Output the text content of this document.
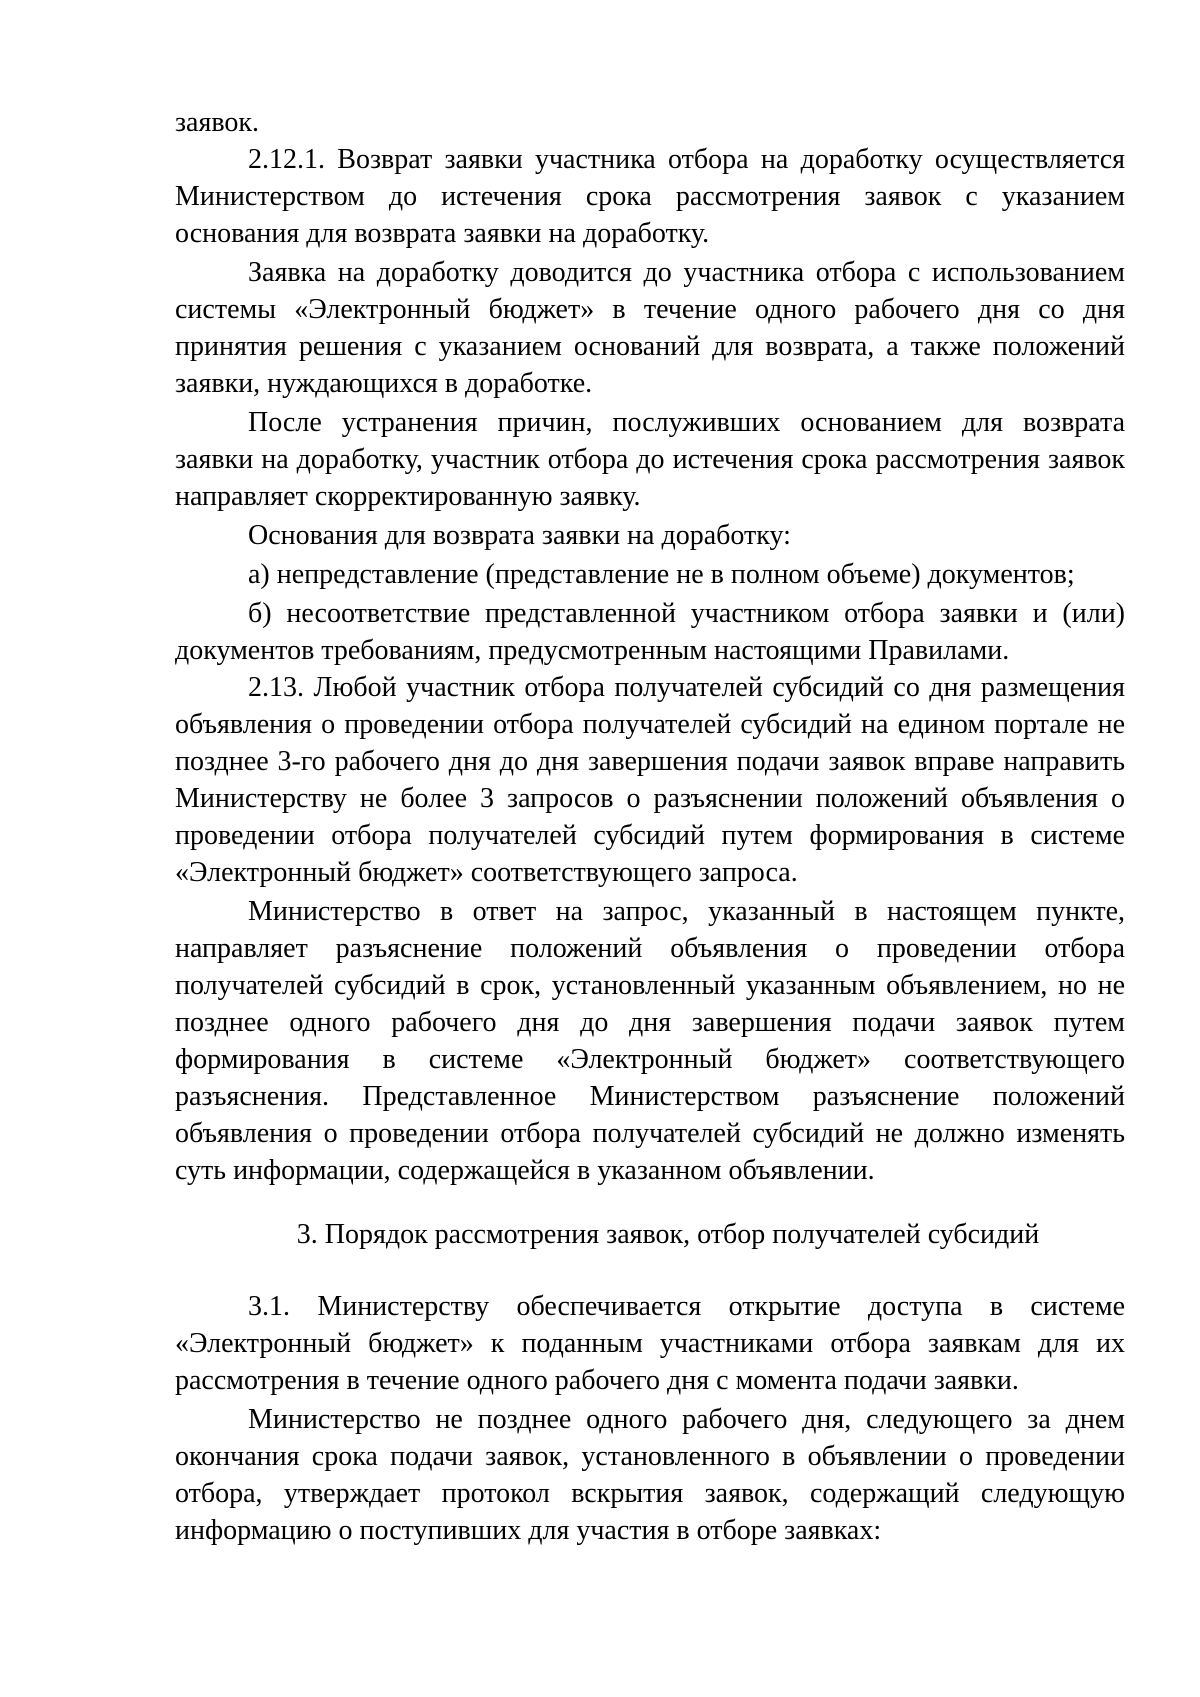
заявок.

2.12.1. Возврат заявки участника отбора на доработку осуществляется Министерством до истечения срока рассмотрения заявок с указанием основания для возврата заявки на доработку.

Заявка на доработку доводится до участника отбора с использованием системы «Электронный бюджет» в течение одного рабочего дня со дня принятия решения с указанием оснований для возврата, а также положений заявки, нуждающихся в доработке.

После устранения причин, послуживших основанием для возврата заявки на доработку, участник отбора до истечения срока рассмотрения заявок направляет скорректированную заявку.

Основания для возврата заявки на доработку:

а) непредставление (представление не в полном объеме) документов;

б) несоответствие представленной участником отбора заявки и (или) документов требованиям, предусмотренным настоящими Правилами.

2.13. Любой участник отбора получателей субсидий со дня размещения объявления о проведении отбора получателей субсидий на едином портале не позднее 3-го рабочего дня до дня завершения подачи заявок вправе направить Министерству не более 3 запросов о разъяснении положений объявления о проведении отбора получателей субсидий путем формирования в системе «Электронный бюджет» соответствующего запроса.

Министерство в ответ на запрос, указанный в настоящем пункте, направляет разъяснение положений объявления о проведении отбора получателей субсидий в срок, установленный указанным объявлением, но не позднее одного рабочего дня до дня завершения подачи заявок путем формирования в системе «Электронный бюджет» соответствующего разъяснения. Представленное Министерством разъяснение положений объявления о проведении отбора получателей субсидий не должно изменять суть информации, содержащейся в указанном объявлении.

3. Порядок рассмотрения заявок, отбор получателей субсидий

3.1. Министерству обеспечивается открытие доступа в системе «Электронный бюджет» к поданным участниками отбора заявкам для их рассмотрения в течение одного рабочего дня с момента подачи заявки.

Министерство не позднее одного рабочего дня, следующего за днем окончания срока подачи заявок, установленного в объявлении о проведении отбора, утверждает протокол вскрытия заявок, содержащий следующую информацию о поступивших для участия в отборе заявках:
